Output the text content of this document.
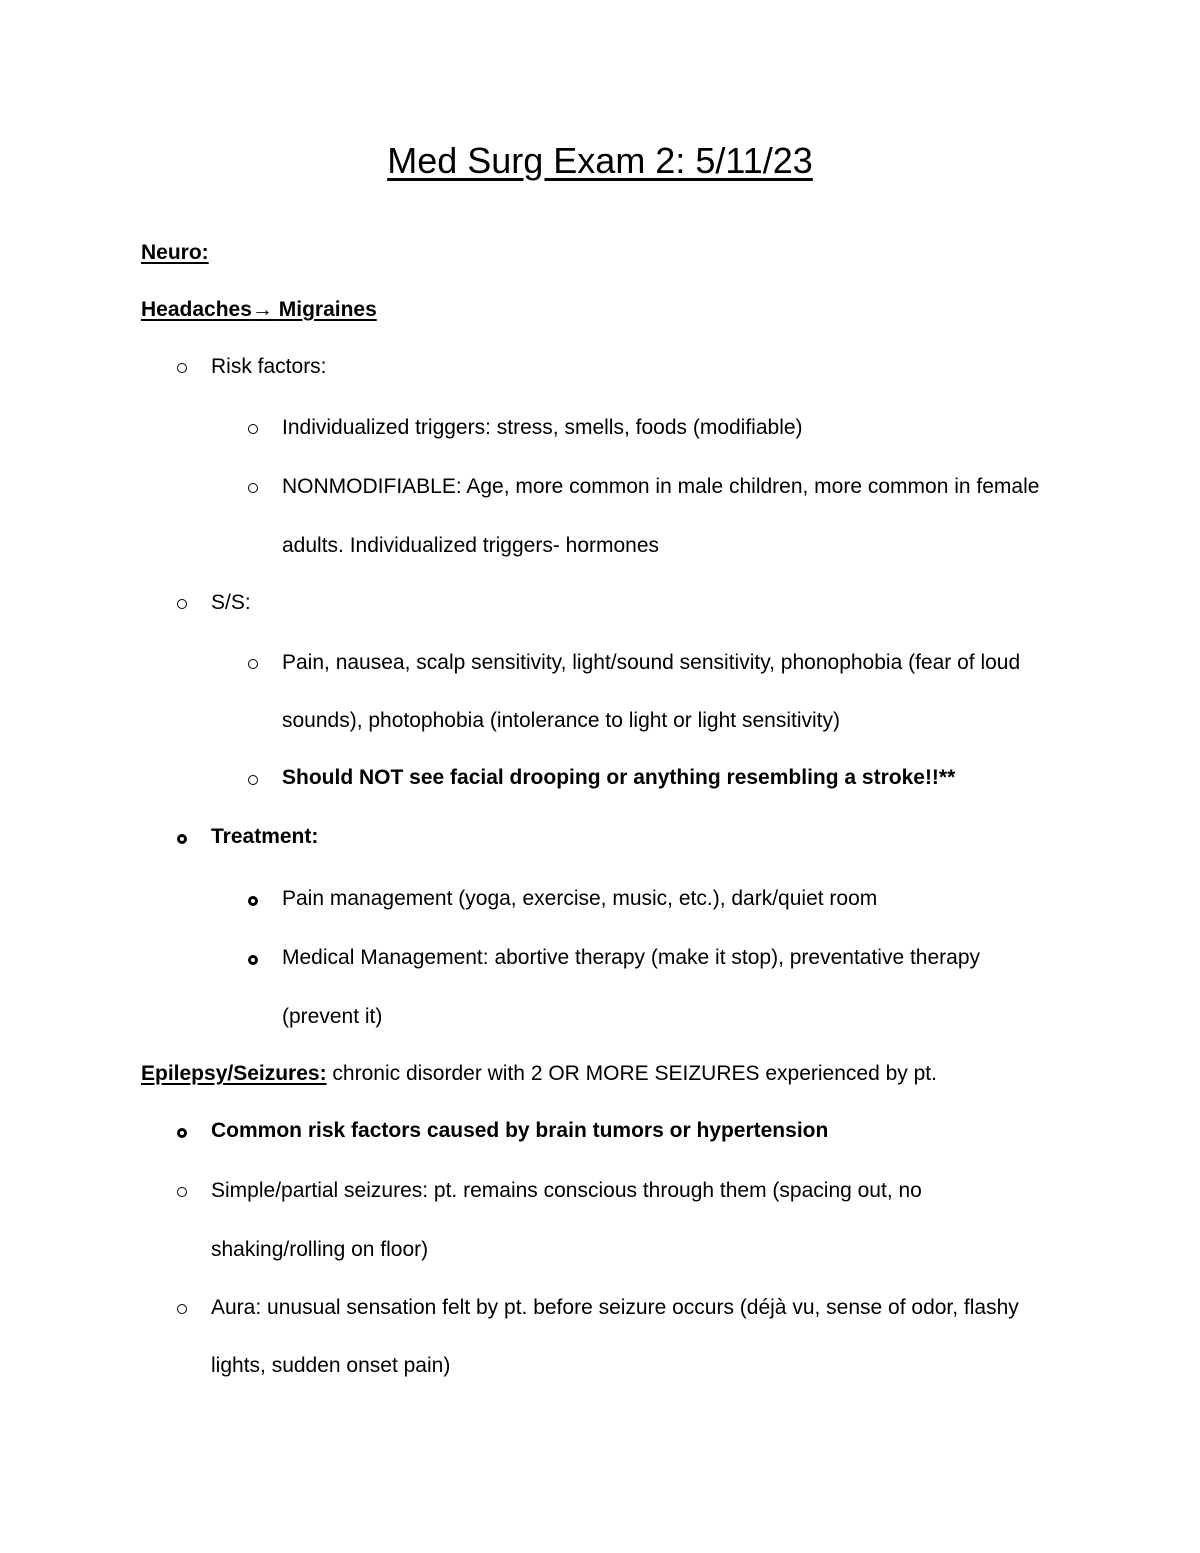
Med Surg Exam 2: 5/11/23
Neuro:
Headaches→ Migraines
Risk factors:
Individualized triggers: stress, smells, foods (modifiable)
NONMODIFIABLE: Age, more common in male children, more common in female
adults. Individualized triggers- hormones
S/S:
Pain, nausea, scalp sensitivity, light/sound sensitivity, phonophobia (fear of loud
sounds), photophobia (intolerance to light or light sensitivity)
Should NOT see facial drooping or anything resembling a stroke!!**
Treatment:
Pain management (yoga, exercise, music, etc.), dark/quiet room
Medical Management: abortive therapy (make it stop), preventative therapy
(prevent it)
Epilepsy/Seizures: chronic disorder with 2 OR MORE SEIZURES experienced by pt.
Common risk factors caused by brain tumors or hypertension
Simple/partial seizures: pt. remains conscious through them (spacing out, no
shaking/rolling on floor)
Aura: unusual sensation felt by pt. before seizure occurs (déjà vu, sense of odor, flashy
lights, sudden onset pain)
